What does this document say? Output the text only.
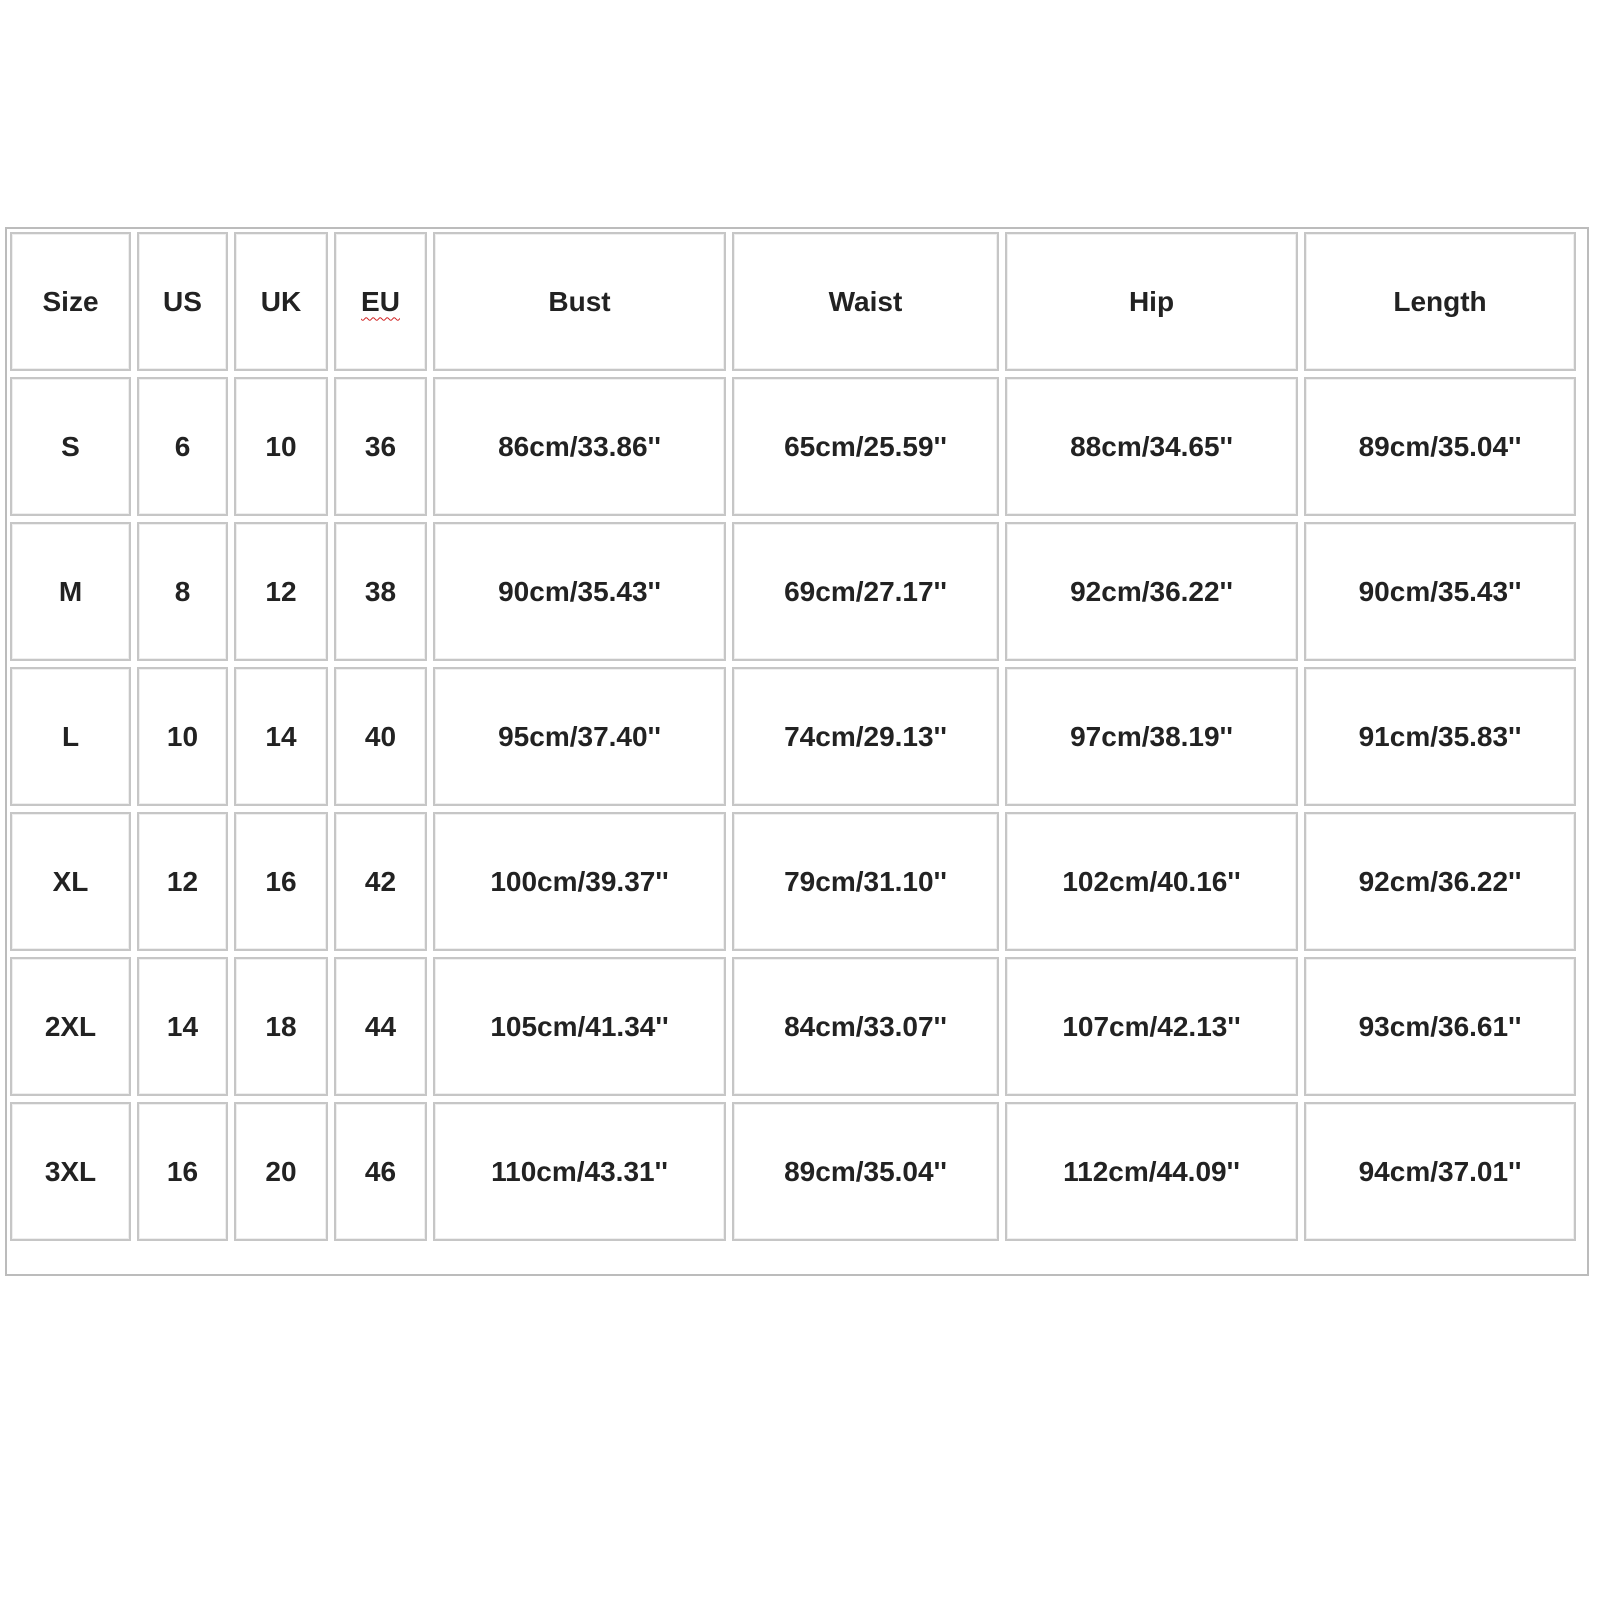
Size	US	UK	EU	Bust	Waist	Hip	Length
S	6	10	36	86cm/33.86''	65cm/25.59''	88cm/34.65''	89cm/35.04''
M	8	12	38	90cm/35.43''	69cm/27.17''	92cm/36.22''	90cm/35.43''
L	10	14	40	95cm/37.40''	74cm/29.13''	97cm/38.19''	91cm/35.83''
XL	12	16	42	100cm/39.37''	79cm/31.10''	102cm/40.16''	92cm/36.22''
2XL	14	18	44	105cm/41.34''	84cm/33.07''	107cm/42.13''	93cm/36.61''
3XL	16	20	46	110cm/43.31''	89cm/35.04''	112cm/44.09''	94cm/37.01''
